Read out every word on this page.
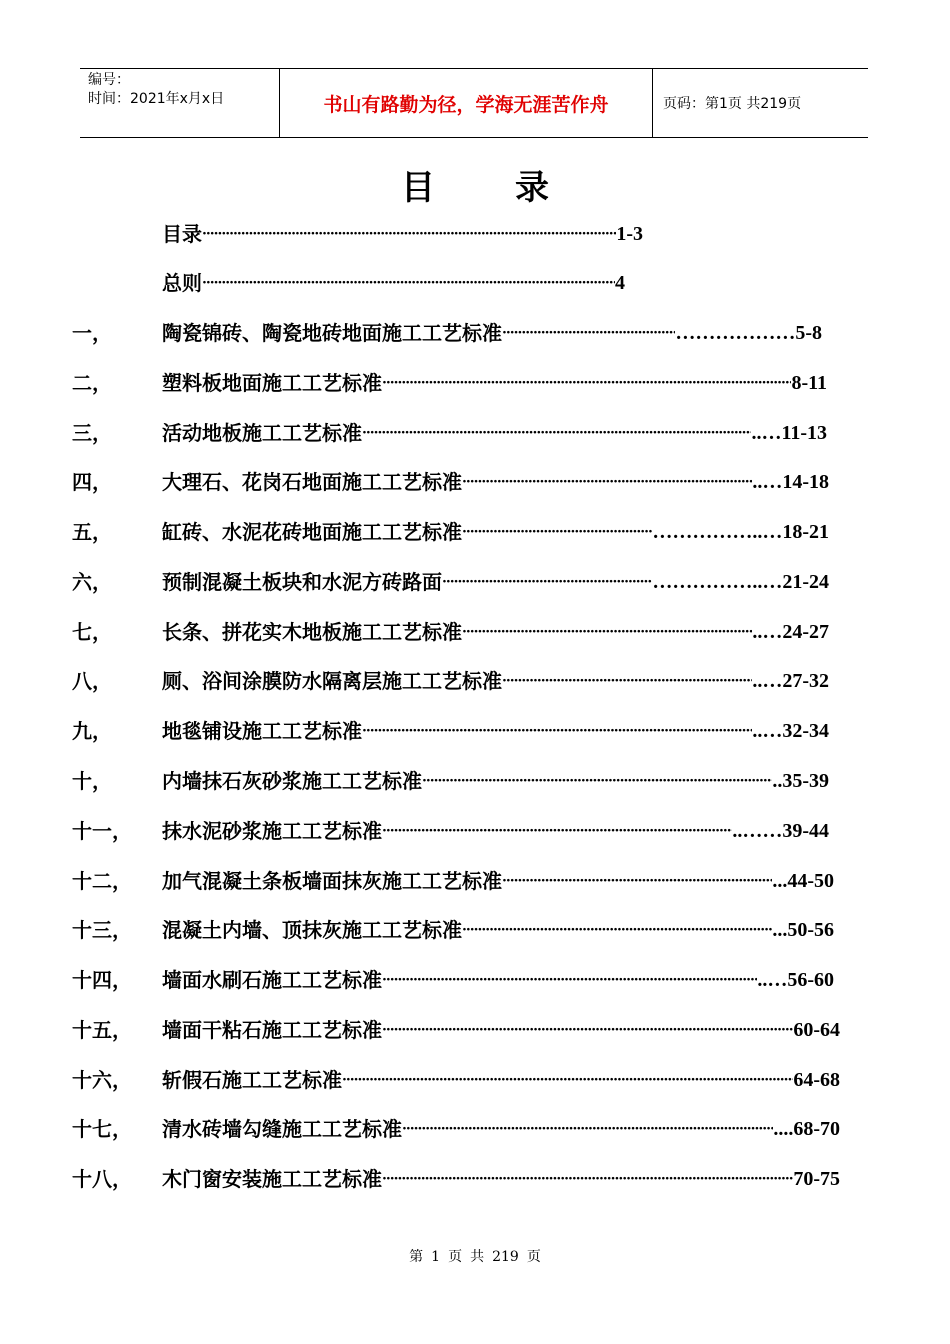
编号：
时间：2021年x月x日	书山有路勤为径，学海无涯苦作舟	页码：第1页 共219页
目 录
目录 ·····	1-3
总则 ·····	4
一，	陶瓷锦砖、陶瓷地砖地面施工工艺标准 ·····	………………5-8
二，	塑料板地面施工工艺标准 ·····	8-11
三，	活动地板施工工艺标准 ·····	..…11-13
四，	大理石、花岗石地面施工工艺标准 ·····	..…14-18
五，	缸砖、水泥花砖地面施工工艺标准 ·····	……………..…18-21
六，	预制混凝土板块和水泥方砖路面 ·····	……………..…21-24
七，	长条、拼花实木地板施工工艺标准 ·····	..…24-27
八，	厕、浴间涂膜防水隔离层施工工艺标准 ·····	..…27-32
九，	地毯铺设施工工艺标准 ·····	..…32-34
十，	内墙抹石灰砂浆施工工艺标准 ·····	..35-39
十一，	抹水泥砂浆施工工艺标准 ·····	..……39-44
十二，	加气混凝土条板墙面抹灰施工工艺标准 ·····	...44-50
十三，	混凝土内墙、顶抹灰施工工艺标准 ·····	...50-56
十四，	墙面水刷石施工工艺标准 ·····	..…56-60
十五，	墙面干粘石施工工艺标准 ·····	60-64
十六，	斩假石施工工艺标准 ·····	64-68
十七，	清水砖墙勾缝施工工艺标准 ·····	....68-70
十八，	木门窗安装施工工艺标准 ·····	70-75
第 1 页 共 219 页
